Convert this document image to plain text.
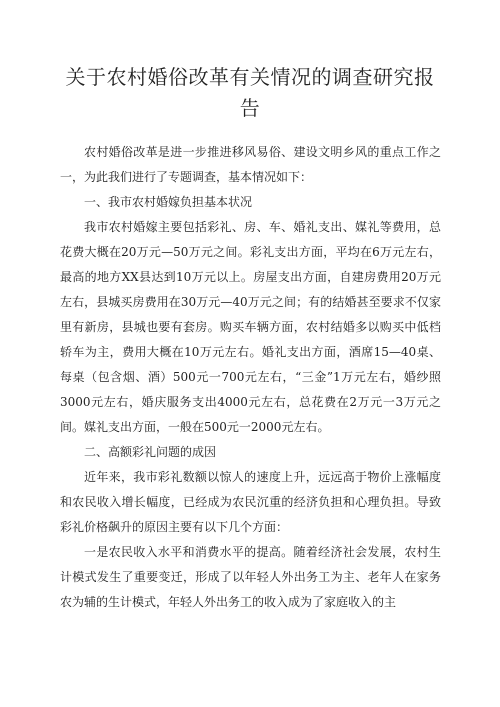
关于农村婚俗改革有关情况的调查研究报告

农村婚俗改革是进一步推进移风易俗、建设文明乡风的重点工作之一，为此我们进行了专题调查，基本情况如下：

一、我市农村婚嫁负担基本状况

我市农村婚嫁主要包括彩礼、房、车、婚礼支出、媒礼等费用，总花费大概在20万元—50万元之间。彩礼支出方面，平均在6万元左右，最高的地方XX县达到10万元以上。房屋支出方面，自建房费用20万元左右，县城买房费用在30万元—40万元之间；有的结婚甚至要求不仅家里有新房，县城也要有套房。购买车辆方面，农村结婚多以购买中低档轿车为主，费用大概在10万元左右。婚礼支出方面，酒席15—40桌、每桌（包含烟、酒）500元一700元左右，“三金”1万元左右，婚纱照3000元左右，婚庆服务支出4000元左右，总花费在2万元一3万元之间。媒礼支出方面，一般在500元一2000元左右。

二、高额彩礼问题的成因

近年来，我市彩礼数额以惊人的速度上升，远远高于物价上涨幅度和农民收入增长幅度，已经成为农民沉重的经济负担和心理负担。导致彩礼价格飙升的原因主要有以下几个方面：

一是农民收入水平和消费水平的提高。随着经济社会发展，农村生计模式发生了重要变迁，形成了以年轻人外出务工为主、老年人在家务农为辅的生计模式，年轻人外出务工的收入成为了家庭收入的主
